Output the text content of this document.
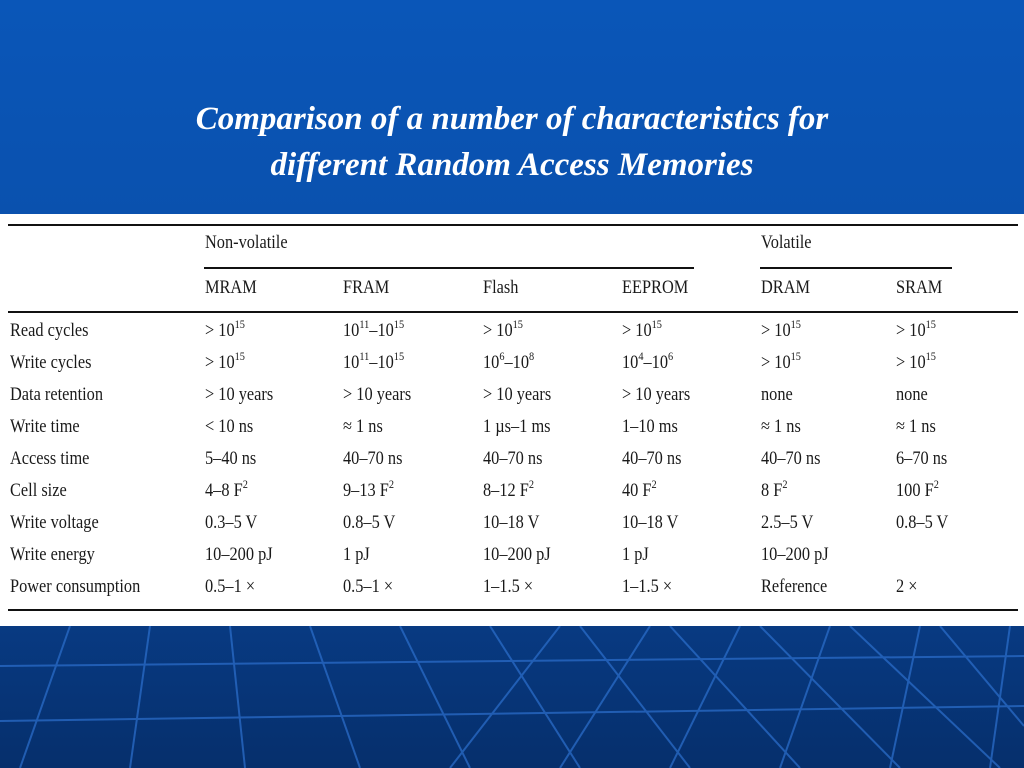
Comparison of a number of characteristics for
different Random Access Memories
Non-volatile	Volatile
MRAM	FRAM	Flash	EEPROM	DRAM	SRAM
Read cycles	> $10^{15}$	$10^{11}-10^{15}$	> $10^{15}$	> $10^{15}$	> $10^{15}$	> $10^{15}$
Write cycles	> $10^{15}$	$10^{11}-10^{15}$	$10^6-10^8$	$10^4-10^6$	> $10^{15}$	> $10^{15}$
Data retention	> 10 years	> 10 years	> 10 years	> 10 years	none	none
Write time	< 10 ns	≈ 1 ns	1 µs–1 ms	1–10 ms	≈ 1 ns	≈ 1 ns
Access time	5–40 ns	40–70 ns	40–70 ns	40–70 ns	40–70 ns	6–70 ns
Cell size	4–8 $F^2$	9–13 $F^2$	8–12 $F^2$	40 $F^2$	8 $F^2$	100 $F^2$
Write voltage	0.3–5 V	0.8–5 V	10–18 V	10–18 V	2.5–5 V	0.8–5 V
Write energy	10–200 pJ	1 pJ	10–200 pJ	1 pJ	10–200 pJ
Power consumption	0.5–1 ×	0.5–1 ×	1–1.5 ×	1–1.5 ×	Reference	2 ×
